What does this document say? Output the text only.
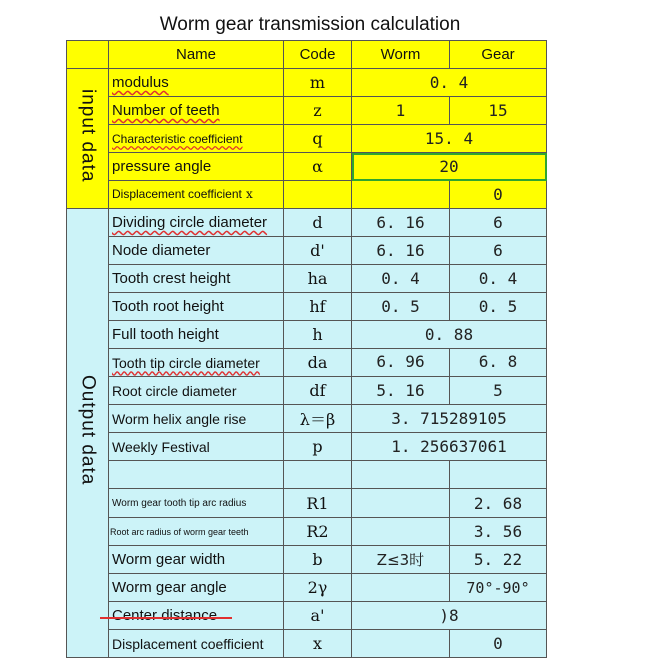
Worm gear transmission calculation
	Name	Code	Worm	Gear
input data	modulus	m	0. 4	
	Number of teeth	z	1	15
	Characteristic coefficient	q	15. 4	
	pressure angle	α	20	
	Displacement coefficient x			0
Output data	Dividing circle diameter	d	6. 16	6
	Node diameter	d'	6. 16	6
	Tooth crest height	ha	0. 4	0. 4
	Tooth root height	hf	0. 5	0. 5
	Full tooth height	h	0. 88	
	Tooth tip circle diameter	da	6. 96	6. 8
	Root circle diameter	df	5. 16	5
	Worm helix angle rise	λ＝β	3. 715289105	
	Weekly Festival	p	1. 256637061	

	Worm gear tooth tip arc radius	R1		2. 68
	Root arc radius of worm gear teeth	R2		3. 56
	Worm gear width	b	Z≤3时	5. 22
	Worm gear angle	2γ		70°-90°
	Center distance	a'	)8	
	Displacement coefficient	x		0
